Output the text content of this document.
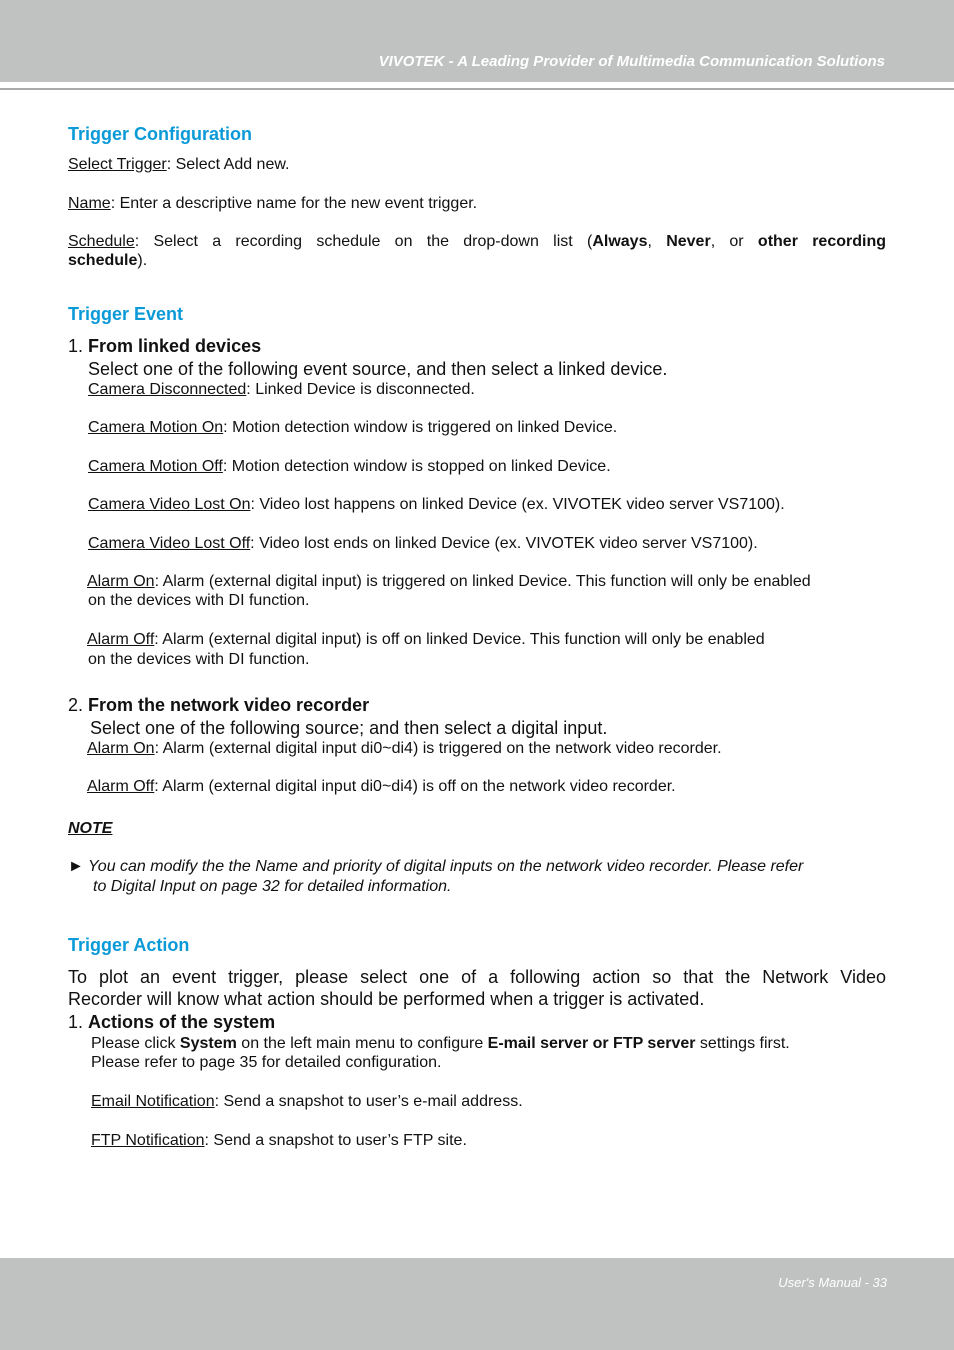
VIVOTEK - A Leading Provider of Multimedia Communication Solutions
Trigger Configuration
Select Trigger: Select Add new.
Name: Enter a descriptive name for the new event trigger.
Schedule: Select a recording schedule on the drop-down list (Always, Never, or other recording
schedule).
Trigger Event
1. From linked devices
Select one of the following event source, and then select a linked device.
Camera Disconnected: Linked Device is disconnected.
Camera Motion On: Motion detection window is triggered on linked Device.
Camera Motion Off: Motion detection window is stopped on linked Device.
Camera Video Lost On: Video lost happens on linked Device (ex. VIVOTEK video server VS7100).
Camera Video Lost Off: Video lost ends on linked Device (ex. VIVOTEK video server VS7100).
Alarm On: Alarm (external digital input) is triggered on linked Device. This function will only be enabled
on the devices with DI function.
Alarm Off: Alarm (external digital input) is off on linked Device. This function will only be enabled
on the devices with DI function.
2. From the network video recorder
Select one of the following source; and then select a digital input.
Alarm On: Alarm (external digital input di0~di4) is triggered on the network video recorder.
Alarm Off: Alarm (external digital input di0~di4) is off on the network video recorder.
NOTE
► You can modify the the Name and priority of digital inputs on the network video recorder. Please refer
to Digital Input on page 32 for detailed information.
Trigger Action
To plot an event trigger, please select one of a following action so that the Network Video
Recorder will know what action should be performed when a trigger is activated.
1. Actions of the system
Please click System on the left main menu to configure E-mail server or FTP server settings first.
Please refer to page 35 for detailed configuration.
Email Notification: Send a snapshot to user’s e-mail address.
FTP Notification: Send a snapshot to user’s FTP site.
User's Manual - 33
